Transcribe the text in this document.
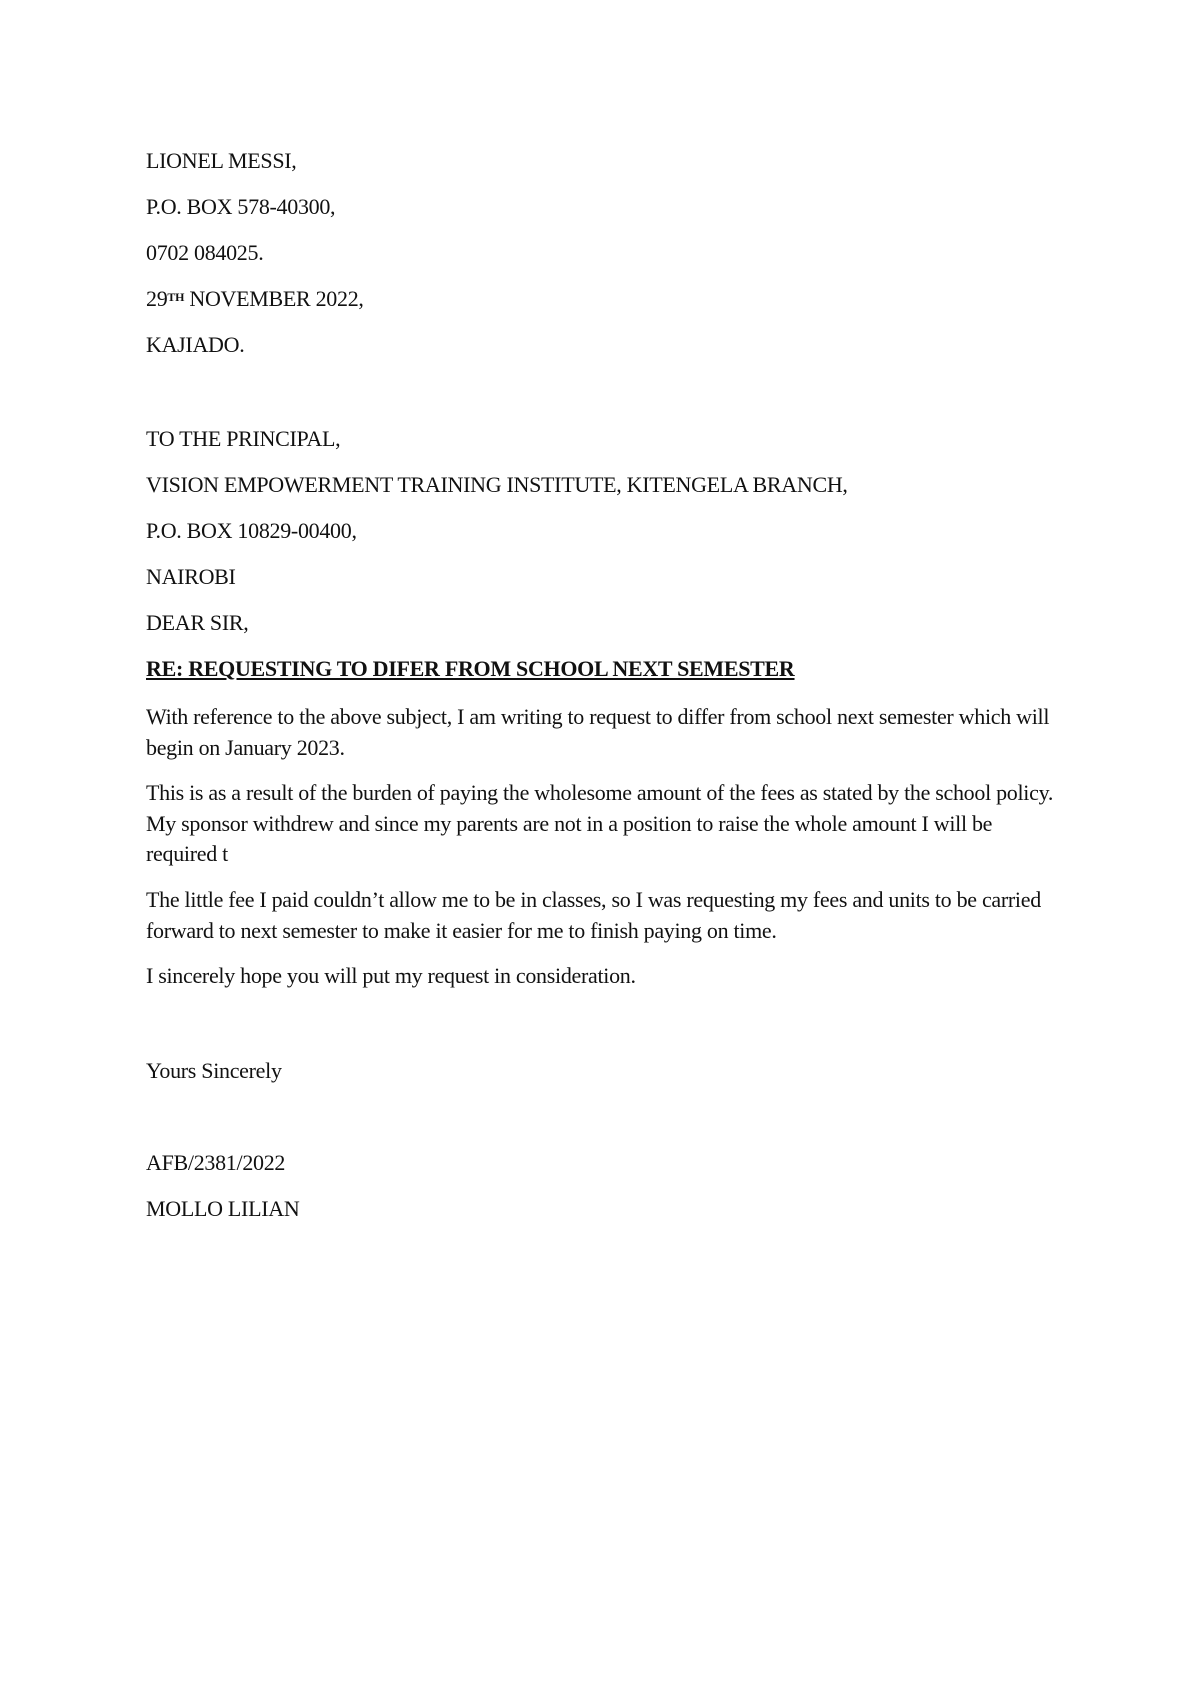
LIONEL MESSI,
P.O. BOX 578-40300,
0702 084025.
29TH NOVEMBER 2022,
KAJIADO.
TO THE PRINCIPAL,
VISION EMPOWERMENT TRAINING INSTITUTE, KITENGELA BRANCH,
P.O. BOX 10829-00400,
NAIROBI
DEAR SIR,
RE: REQUESTING TO DIFER FROM SCHOOL NEXT SEMESTER
With reference to the above subject, I am writing to request to differ from school next semester which will begin on January 2023.
This is as a result of the burden of paying the wholesome amount of the fees as stated by the school policy. My sponsor withdrew and since my parents are not in a position to raise the whole amount I will be required t
The little fee I paid couldn’t allow me to be in classes, so I was requesting my fees and units to be carried forward to next semester to make it easier for me to finish paying on time.
I sincerely hope you will put my request in consideration.
Yours Sincerely
AFB/2381/2022
MOLLO LILIAN
